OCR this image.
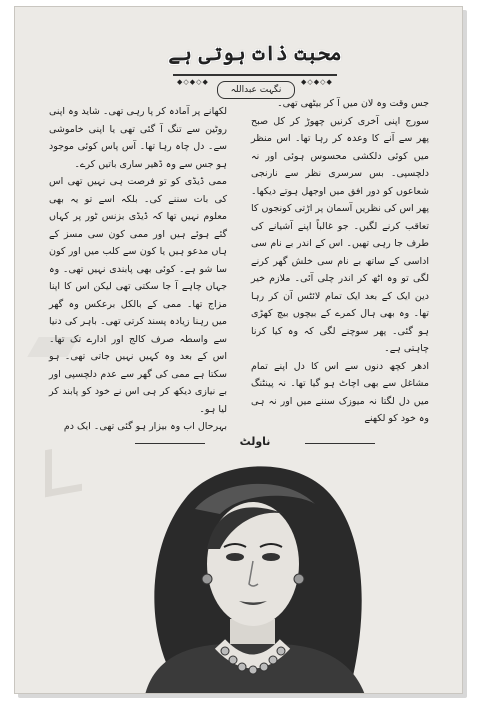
محبت ذات ہوتی ہے
◆◇◆◇◆
نگہت عبداللہ
◆◇◆◇◆

جس وقت وہ لان میں آ کر بیٹھی تھی۔

سورج اپنی آخری کرنیں چھوڑ کر کل صبح پھر سے آنے کا وعدہ کر رہا تھا۔ اس منظر میں کوئی دلکشی محسوس ہوئی اور نہ دلچسپی۔ بس سرسری نظر سے نارنجی شعاعوں کو دور افق میں اوجھل ہوتے دیکھا۔ پھر اس کی نظریں آسمان پر اڑتی کونجوں کا تعاقب کرنے لگیں۔ جو غالباً اپنے آشیانے کی طرف جا رہی تھیں۔ اس کے اندر بے نام سی اداسی کے ساتھ بے نام سی خلش گھر کرنے لگی تو وہ اٹھ کر اندر چلی آئی۔ ملازم خیر دین ایک کے بعد ایک تمام لائٹس آن کر رہا تھا۔ وہ بھی ہال کمرے کے بیچوں بیچ کھڑی ہو گئی۔ پھر سوچنے لگی کہ وہ کیا کرنا چاہتی ہے۔

ادھر کچھ دنوں سے اس کا دل اپنے تمام مشاغل سے بھی اچاٹ ہو گیا تھا۔ نہ پینٹنگ میں دل لگتا نہ میوزک سننے میں اور نہ ہی وہ خود کو لکھنے

لکھانے پر آمادہ کر پا رہی تھی۔ شاید وہ اپنی روٹین سے تنگ آ گئی تھی یا اپنی خاموشی سے۔ دل چاہ رہا تھا۔ آس پاس کوئی موجود ہو جس سے وہ ڈھیر ساری باتیں کرے۔

ممی ڈیڈی کو تو فرصت ہی نہیں تھی اس کی بات سننے کی۔ بلکہ اسے تو یہ بھی معلوم نہیں تھا کہ ڈیڈی بزنس ٹور پر کہاں گئے ہوئے ہیں اور ممی کون سی مسز کے ہاں مدعو ہیں یا کون سے کلب میں اور کون سا شو ہے۔ کوئی بھی پابندی نہیں تھی۔ وہ جہاں چاہے آ جا سکتی تھی لیکن اس کا اپنا مزاج تھا۔ ممی کے بالکل برعکس وہ گھر میں رہنا زیادہ پسند کرتی تھی۔ باہر کی دنیا سے واسطہ صرف کالج اور ادارے تک تھا۔ اس کے بعد وہ کہیں نہیں جاتی تھی۔ ہو سکتا ہے ممی کی گھر سے عدم دلچسپی اور بے نیازی دیکھ کر ہی اس نے خود کو پابند کر لیا ہو۔

بہرحال اب وہ بیزار ہو گئی تھی۔ ایک دم

ناولٹ
